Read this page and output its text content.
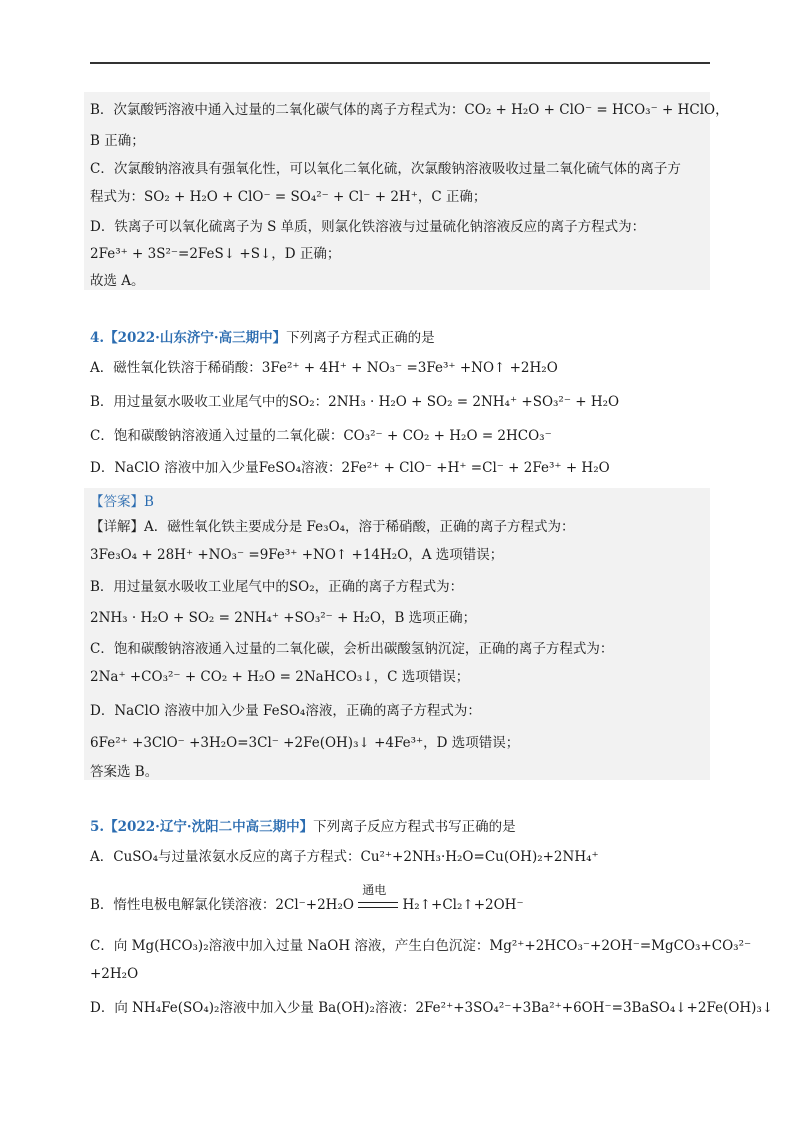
B．次氯酸钙溶液中通入过量的二氧化碳气体的离子方程式为：CO₂ + H₂O + ClO⁻ = HCO₃⁻ + HClO，
B 正确；
C．次氯酸钠溶液具有强氧化性，可以氧化二氧化硫，次氯酸钠溶液吸收过量二氧化硫气体的离子方
程式为：SO₂ + H₂O + ClO⁻ = SO₄²⁻ + Cl⁻ + 2H⁺，C 正确；
D．铁离子可以氧化硫离子为 S 单质，则氯化铁溶液与过量硫化钠溶液反应的离子方程式为：
2Fe³⁺ + 3S²⁻=2FeS↓ +S↓，D 正确；
故选 A。
4.【2022·山东济宁·高三期中】下列离子方程式正确的是
A．磁性氧化铁溶于稀硝酸：3Fe²⁺ + 4H⁺ + NO₃⁻ =3Fe³⁺ +NO↑ +2H₂O
B．用过量氨水吸收工业尾气中的SO₂：2NH₃ · H₂O + SO₂ = 2NH₄⁺ +SO₃²⁻ + H₂O
C．饱和碳酸钠溶液通入过量的二氧化碳：CO₃²⁻ + CO₂ + H₂O = 2HCO₃⁻
D．NaClO 溶液中加入少量FeSO₄溶液：2Fe²⁺ + ClO⁻ +H⁺ =Cl⁻ + 2Fe³⁺ + H₂O
【答案】B
【详解】A．磁性氧化铁主要成分是 Fe₃O₄，溶于稀硝酸，正确的离子方程式为：
3Fe₃O₄ + 28H⁺ +NO₃⁻ =9Fe³⁺ +NO↑ +14H₂O，A 选项错误；
B．用过量氨水吸收工业尾气中的SO₂，正确的离子方程式为：
2NH₃ · H₂O + SO₂ = 2NH₄⁺ +SO₃²⁻ + H₂O，B 选项正确；
C．饱和碳酸钠溶液通入过量的二氧化碳，会析出碳酸氢钠沉淀，正确的离子方程式为：
2Na⁺ +CO₃²⁻ + CO₂ + H₂O = 2NaHCO₃↓，C 选项错误；
D．NaClO 溶液中加入少量 FeSO₄溶液，正确的离子方程式为：
6Fe²⁺ +3ClO⁻ +3H₂O=3Cl⁻ +2Fe(OH)₃↓ +4Fe³⁺，D 选项错误；
答案选 B。
5.【2022·辽宁·沈阳二中高三期中】下列离子反应方程式书写正确的是
A．CuSO₄与过量浓氨水反应的离子方程式：Cu²⁺+2NH₃·H₂O=Cu(OH)₂+2NH₄⁺
B．惰性电极电解氯化镁溶液：2Cl⁻+2H₂O
通电
H₂↑+Cl₂↑+2OH⁻
C．向 Mg(HCO₃)₂溶液中加入过量 NaOH 溶液，产生白色沉淀：Mg²⁺+2HCO₃⁻+2OH⁻=MgCO₃+CO₃²⁻
+2H₂O
D．向 NH₄Fe(SO₄)₂溶液中加入少量 Ba(OH)₂溶液：2Fe²⁺+3SO₄²⁻+3Ba²⁺+6OH⁻=3BaSO₄↓+2Fe(OH)₃↓
